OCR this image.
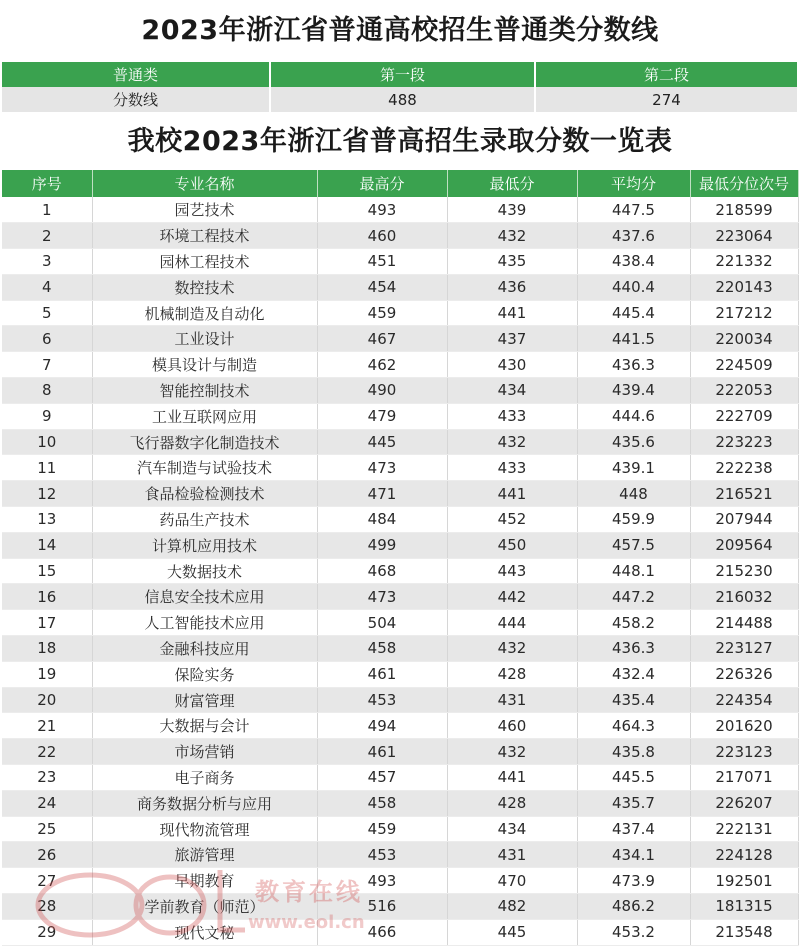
2023年浙江省普通高校招生普通类分数线
普通类	第一段	第二段
分数线	488	274
我校2023年浙江省普高招生录取分数一览表
序号	专业名称	最高分	最低分	平均分	最低分位次号
1	园艺技术	493	439	447.5	218599
2	环境工程技术	460	432	437.6	223064
3	园林工程技术	451	435	438.4	221332
4	数控技术	454	436	440.4	220143
5	机械制造及自动化	459	441	445.4	217212
6	工业设计	467	437	441.5	220034
7	模具设计与制造	462	430	436.3	224509
8	智能控制技术	490	434	439.4	222053
9	工业互联网应用	479	433	444.6	222709
10	飞行器数字化制造技术	445	432	435.6	223223
11	汽车制造与试验技术	473	433	439.1	222238
12	食品检验检测技术	471	441	448	216521
13	药品生产技术	484	452	459.9	207944
14	计算机应用技术	499	450	457.5	209564
15	大数据技术	468	443	448.1	215230
16	信息安全技术应用	473	442	447.2	216032
17	人工智能技术应用	504	444	458.2	214488
18	金融科技应用	458	432	436.3	223127
19	保险实务	461	428	432.4	226326
20	财富管理	453	431	435.4	224354
21	大数据与会计	494	460	464.3	201620
22	市场营销	461	432	435.8	223123
23	电子商务	457	441	445.5	217071
24	商务数据分析与应用	458	428	435.7	226207
25	现代物流管理	459	434	437.4	222131
26	旅游管理	453	431	434.1	224128
27	早期教育	493	470	473.9	192501
28	学前教育（师范）	516	482	486.2	181315
29	现代文秘	466	445	453.2	213548
教育在线
www.eol.cn
